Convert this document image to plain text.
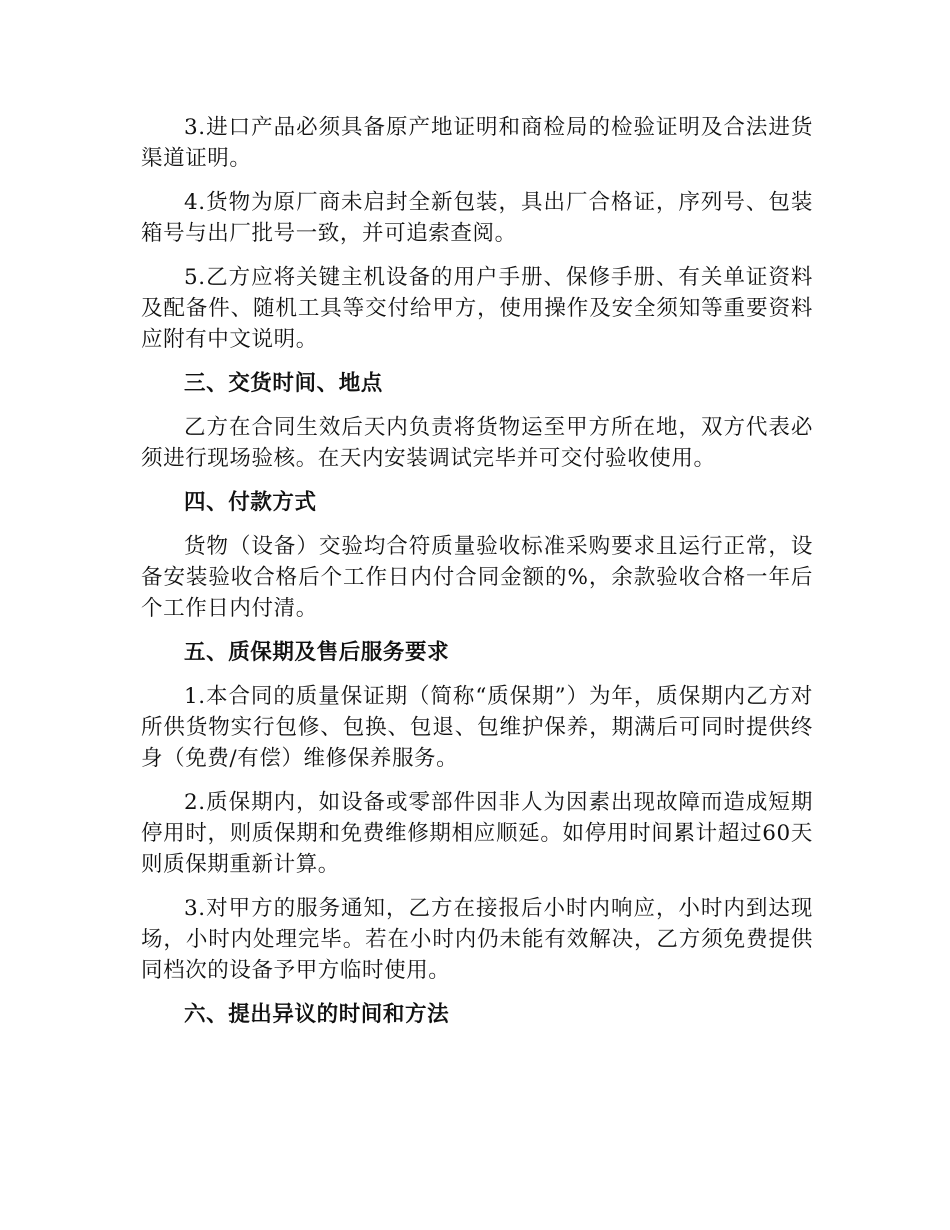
3.进口产品必须具备原产地证明和商检局的检验证明及合法进货渠道证明。

4.货物为原厂商未启封全新包装，具出厂合格证，序列号、包装箱号与出厂批号一致，并可追索查阅。

5.乙方应将关键主机设备的用户手册、保修手册、有关单证资料及配备件、随机工具等交付给甲方，使用操作及安全须知等重要资料应附有中文说明。

三、交货时间、地点

乙方在合同生效后天内负责将货物运至甲方所在地，双方代表必须进行现场验核。在天内安装调试完毕并可交付验收使用。

四、付款方式

货物（设备）交验均合符质量验收标准采购要求且运行正常，设备安装验收合格后个工作日内付合同金额的%，余款验收合格一年后个工作日内付清。

五、质保期及售后服务要求

1.本合同的质量保证期（简称“质保期”）为年，质保期内乙方对所供货物实行包修、包换、包退、包维护保养，期满后可同时提供终身（免费/有偿）维修保养服务。

2.质保期内，如设备或零部件因非人为因素出现故障而造成短期停用时，则质保期和免费维修期相应顺延。如停用时间累计超过60天则质保期重新计算。

3.对甲方的服务通知，乙方在接报后小时内响应，小时内到达现场，小时内处理完毕。若在小时内仍未能有效解决，乙方须免费提供同档次的设备予甲方临时使用。

六、提出异议的时间和方法
